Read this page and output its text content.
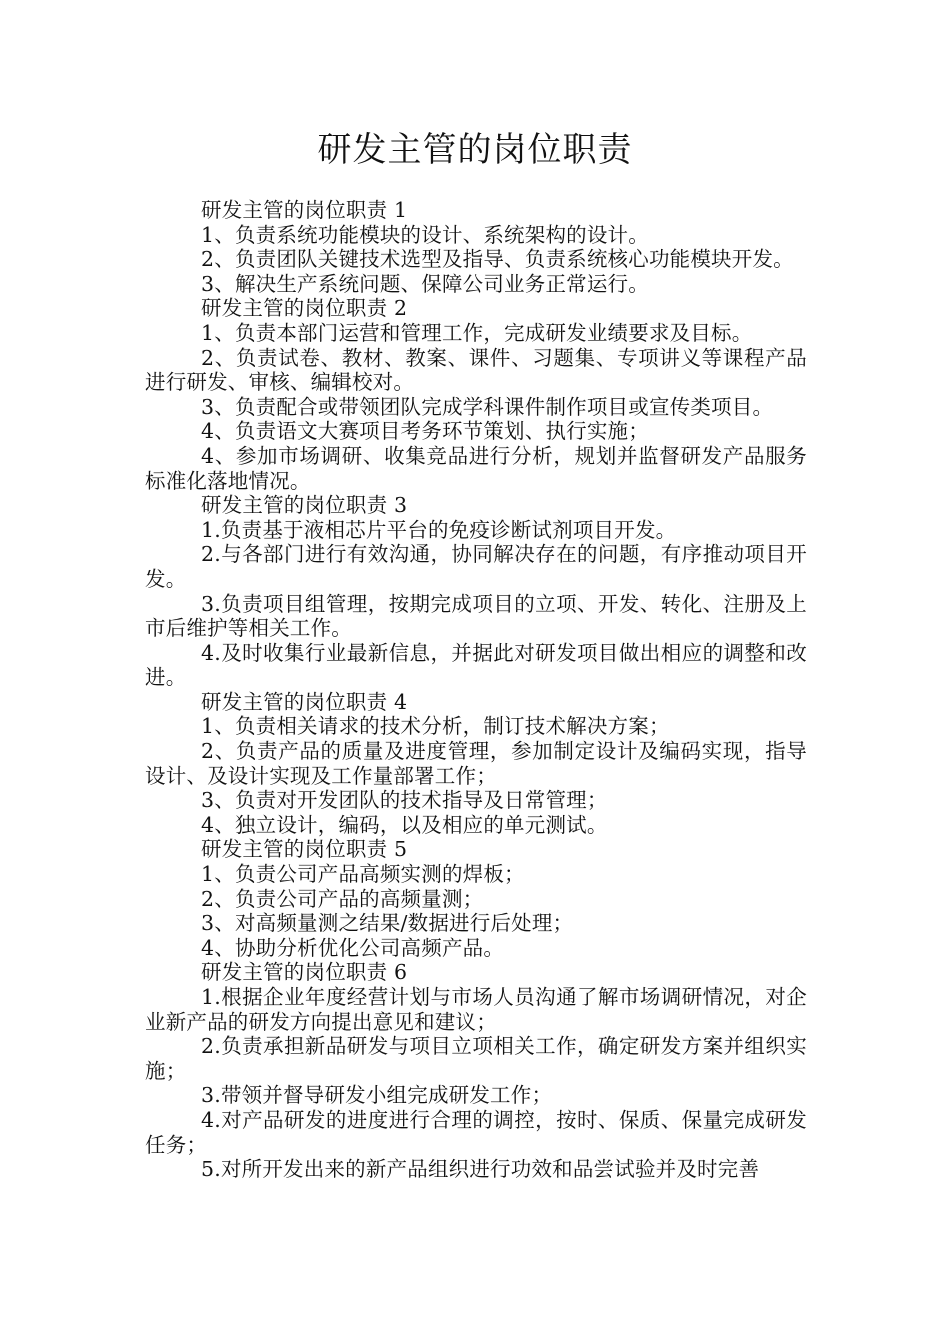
研发主管的岗位职责

研发主管的岗位职责 1

1、负责系统功能模块的设计、系统架构的设计。

2、负责团队关键技术选型及指导、负责系统核心功能模块开发。

3、解决生产系统问题、保障公司业务正常运行。

研发主管的岗位职责 2

1、负责本部门运营和管理工作，完成研发业绩要求及目标。

2、负责试卷、教材、教案、课件、习题集、专项讲义等课程产品进行研发、审核、编辑校对。

3、负责配合或带领团队完成学科课件制作项目或宣传类项目。

4、负责语文大赛项目考务环节策划、执行实施；

4、参加市场调研、收集竞品进行分析，规划并监督研发产品服务标准化落地情况。

研发主管的岗位职责 3

1.负责基于液相芯片平台的免疫诊断试剂项目开发。

2.与各部门进行有效沟通，协同解决存在的问题，有序推动项目开发。

3.负责项目组管理，按期完成项目的立项、开发、转化、注册及上市后维护等相关工作。

4.及时收集行业最新信息，并据此对研发项目做出相应的调整和改进。

研发主管的岗位职责 4

1、负责相关请求的技术分析，制订技术解决方案；

2、负责产品的质量及进度管理，参加制定设计及编码实现，指导设计、及设计实现及工作量部署工作；

3、负责对开发团队的技术指导及日常管理；

4、独立设计，编码，以及相应的单元测试。

研发主管的岗位职责 5

1、负责公司产品高频实测的焊板；

2、负责公司产品的高频量测；

3、对高频量测之结果/数据进行后处理；

4、协助分析优化公司高频产品。

研发主管的岗位职责 6

1.根据企业年度经营计划与市场人员沟通了解市场调研情况，对企业新产品的研发方向提出意见和建议；

2.负责承担新品研发与项目立项相关工作，确定研发方案并组织实施；

3.带领并督导研发小组完成研发工作；

4.对产品研发的进度进行合理的调控，按时、保质、保量完成研发任务；

5.对所开发出来的新产品组织进行功效和品尝试验并及时完善
